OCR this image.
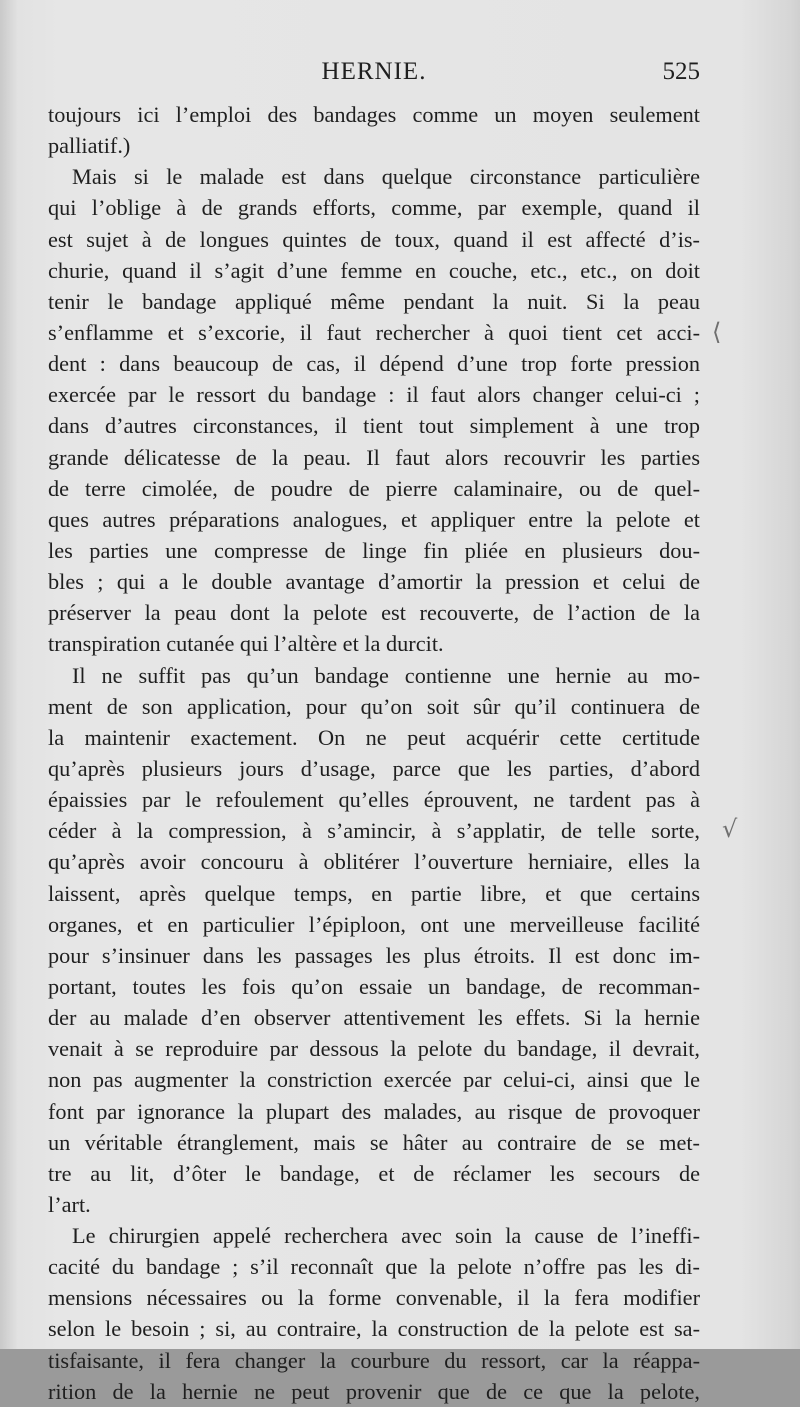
HERNIE.	525
toujours ici l’emploi des bandages comme un moyen seulement
palliatif.)
Mais si le malade est dans quelque circonstance particulière
qui l’oblige à de grands efforts, comme, par exemple, quand il
est sujet à de longues quintes de toux, quand il est affecté d’is-
churie, quand il s’agit d’une femme en couche, etc., etc., on doit
tenir le bandage appliqué même pendant la nuit. Si la peau
s’enflamme et s’excorie, il faut rechercher à quoi tient cet acci-
dent : dans beaucoup de cas, il dépend d’une trop forte pression
exercée par le ressort du bandage : il faut alors changer celui-ci ;
dans d’autres circonstances, il tient tout simplement à une trop
grande délicatesse de la peau. Il faut alors recouvrir les parties
de terre cimolée, de poudre de pierre calaminaire, ou de quel-
ques autres préparations analogues, et appliquer entre la pelote et
les parties une compresse de linge fin pliée en plusieurs dou-
bles ; qui a le double avantage d’amortir la pression et celui de
préserver la peau dont la pelote est recouverte, de l’action de la
transpiration cutanée qui l’altère et la durcit.
Il ne suffit pas qu’un bandage contienne une hernie au mo-
ment de son application, pour qu’on soit sûr qu’il continuera de
la maintenir exactement. On ne peut acquérir cette certitude
qu’après plusieurs jours d’usage, parce que les parties, d’abord
épaissies par le refoulement qu’elles éprouvent, ne tardent pas à
céder à la compression, à s’amincir, à s’applatir, de telle sorte,
qu’après avoir concouru à oblitérer l’ouverture herniaire, elles la
laissent, après quelque temps, en partie libre, et que certains
organes, et en particulier l’épiploon, ont une merveilleuse facilité
pour s’insinuer dans les passages les plus étroits. Il est donc im-
portant, toutes les fois qu’on essaie un bandage, de recomman-
der au malade d’en observer attentivement les effets. Si la hernie
venait à se reproduire par dessous la pelote du bandage, il devrait,
non pas augmenter la constriction exercée par celui-ci, ainsi que le
font par ignorance la plupart des malades, au risque de provoquer
un véritable étranglement, mais se hâter au contraire de se met-
tre au lit, d’ôter le bandage, et de réclamer les secours de
l’art.
Le chirurgien appelé recherchera avec soin la cause de l’ineffi-
cacité du bandage ; s’il reconnaît que la pelote n’offre pas les di-
mensions nécessaires ou la forme convenable, il la fera modifier
selon le besoin ; si, au contraire, la construction de la pelote est sa-
tisfaisante, il fera changer la courbure du ressort, car la réappa-
rition de la hernie ne peut provenir que de ce que la pelote,
⟨
√
